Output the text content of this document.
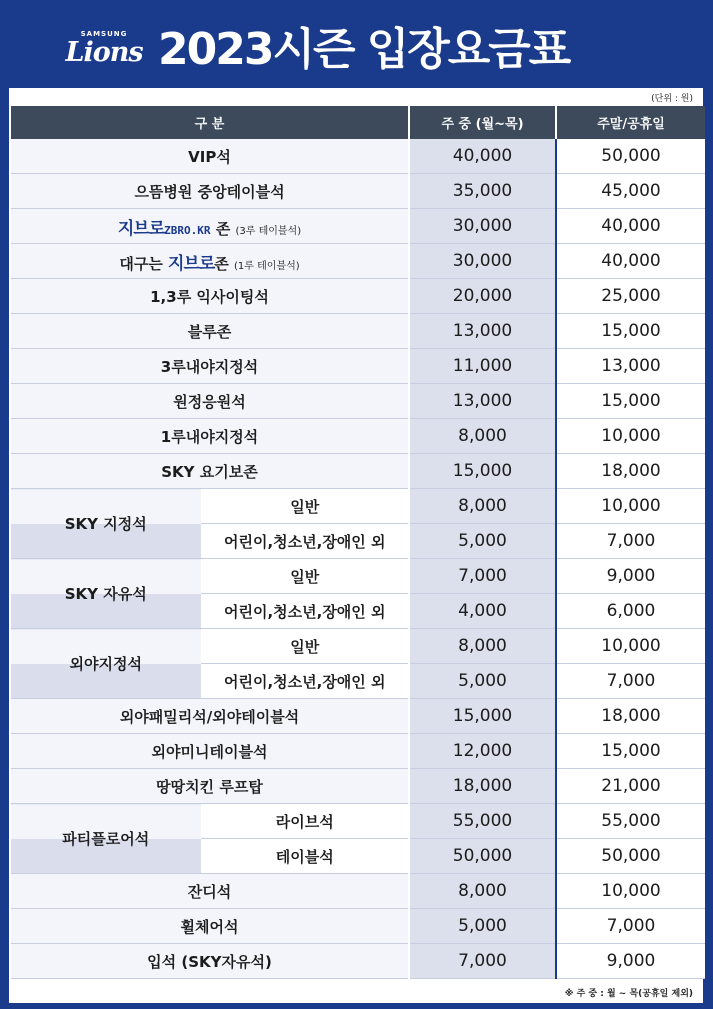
SAMSUNG
Lions 2023시즌 입장요금표
(단위 : 원)
구 분		주 중 (월~목)	주말/공휴일
VIP석		40,000	50,000
으뜸병원 중앙테이블석		35,000	45,000
지브로ZBRO.KR 존 (3루 테이블석)		30,000	40,000
대구는 지브로존 (1루 테이블석)		30,000	40,000
1,3루 익사이팅석		20,000	25,000
블루존		13,000	15,000
3루내야지정석		11,000	13,000
원정응원석		13,000	15,000
1루내야지정석		8,000	10,000
SKY 요기보존		15,000	18,000
SKY 지정석	일반	8,000	10,000
	어린이,청소년,장애인 외	5,000	7,000
SKY 자유석	일반	7,000	9,000
	어린이,청소년,장애인 외	4,000	6,000
외야지정석	일반	8,000	10,000
	어린이,청소년,장애인 외	5,000	7,000
외야패밀리석/외야테이블석		15,000	18,000
외야미니테이블석		12,000	15,000
땅땅치킨 루프탑		18,000	21,000
파티플로어석	라이브석	55,000	55,000
	테이블석	50,000	50,000
잔디석		8,000	10,000
휠체어석		5,000	7,000
입석 (SKY자유석)		7,000	9,000
※ 주 중 : 월 ~ 목(공휴일 제외)
